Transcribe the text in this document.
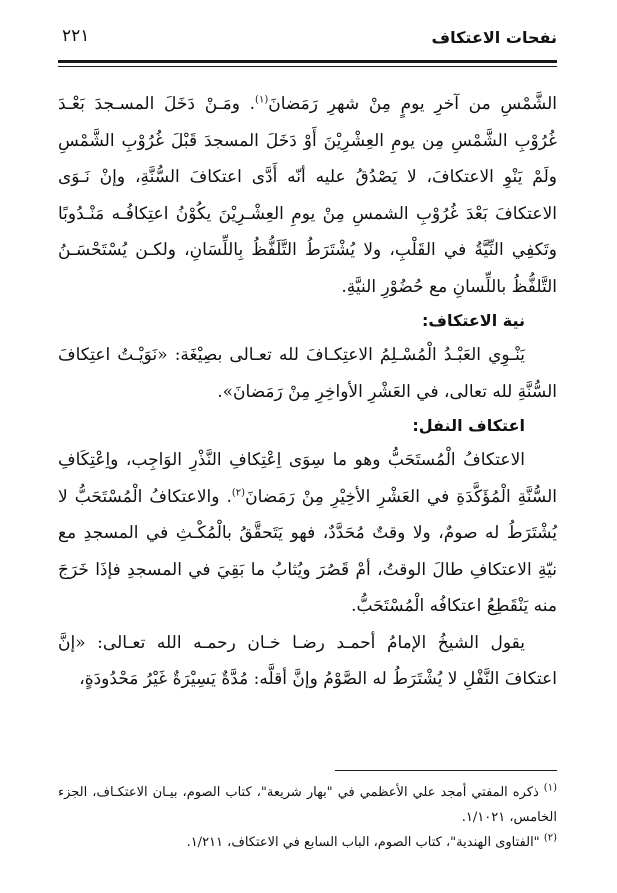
نفحات الاعتكاف
٢٢١

الشَّمْسِ من آخرِ يومٍ مِنْ شهرِ رَمَضانَ$^{(١)}$. ومَـنْ دَخَلَ المسـجدَ بَعْـدَ غُرُوْبِ الشَّمْسِ مِن يومِ العِشْرِيْنَ أَوْ دَخَلَ المسجدَ قَبْلَ غُرُوْبِ الشَّمْسِ ولَمْ يَنْوِ الاعتكافَ، لا يَصْدُقُ عليه أنّه أَدَّى اعتكافَ السُّنَّةِ، وإنْ نَـوَى الاعتكافَ بَعْدَ غُرُوْبِ الشمسِ مِنْ يومِ العِشْـرِيْنَ يكُوْنُ اعتِكافُـه مَنْـدُوبًا وتَكفِي النِّيَّةُ في القَلْبِ، ولا يُشْتَرَطُ التَّلَفُّظُ بِاللِّسَانِ، ولكـن يُسْتَحْسَـنُ التَّلفُّظُ باللِّسانِ مع حُضُوْرِ النيَّةِ.

نية الاعتكاف:

يَنْـوِي العَبْـدُ الْمُسْـلِمُ الاعتِكـافَ لله تعـالى بصِيْغَة: «نَوَيْـتُ اعتِكافَ السُّنَّةِ لله تعالى، في العَشْرِ الأواخِرِ مِنْ رَمَضانَ».

اعتكاف النفل:

الاعتكافُ الْمُستَحَبُّ وهو ما سِوَى اِعْتِكافِ النَّذْرِ الوَاجِب، واِعْتِكَافِ السُّنَّةِ الْمُؤَكَّدَةِ في العَشْرِ الأخِيْرِ مِنْ رَمَضانَ$^{(٢)}$. والاعتكافُ الْمُسْتَحَبُّ لا يُشْتَرَطُ له صومٌ، ولا وقتٌ مُحَدَّدٌ، فهو يَتَحقَّقُ بالْمُكْـثِ في المسجدِ مع نيّةِ الاعتكافِ طالَ الوقتُ، أمْ قَصُرَ ويُثابُ ما بَقِيَ في المسجدِ فإذَا خَرَجَ منه يَنْقَطِعُ اعتكافُه الْمُسْتَحَبُّ.

يقول الشيخُ الإمامُ أحمـد رضـا خـان رحمـه الله تعـالى: «إنَّ اعتكافَ النَّفْلِ لا يُشْتَرَطُ له الصَّوْمُ وإنَّ أقلَّه: مُدَّةٌ يَسِيْرَةٌ غَيْرُ مَحْدُودَةٍ،

$^{(١)}$ ذكره المفتي أمجد علي الأعظمي في "بهار شريعة"، كتاب الصوم، بيـان الاعتكـاف، الجزء الخامس، ١/١٠٢١.

$^{(٢)}$ "الفتاوى الهندية"، كتاب الصوم، الباب السابع في الاعتكاف، ١/٢١١.
